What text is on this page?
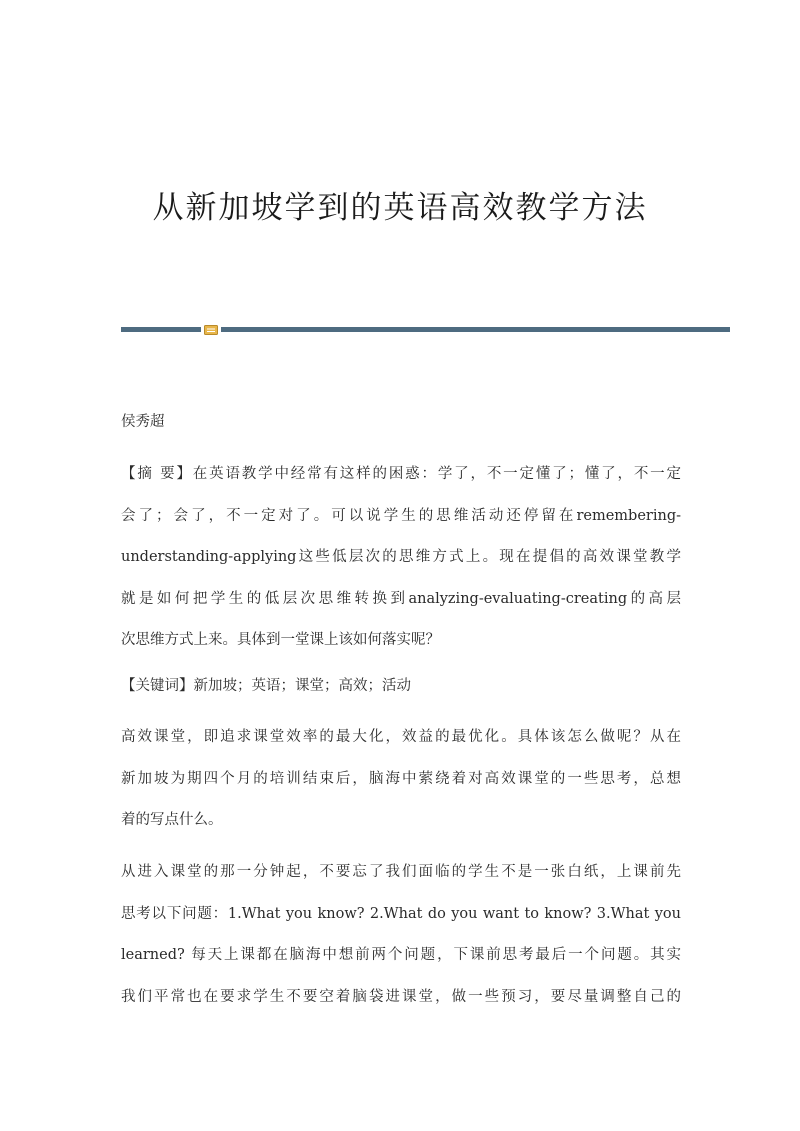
从新加坡学到的英语高效教学方法
侯秀超
【摘 要】在英语教学中经常有这样的困惑：学了，不一定懂了；懂了，不一定
会了；会了，不一定对了。可以说学生的思维活动还停留在remembering-
understanding-applying这些低层次的思维方式上。现在提倡的高效课堂教学
就是如何把学生的低层次思维转换到analyzing-evaluating-creating的高层
次思维方式上来。具体到一堂课上该如何落实呢？
【关键词】新加坡；英语；课堂；高效；活动
高效课堂，即追求课堂效率的最大化，效益的最优化。具体该怎么做呢？从在
新加坡为期四个月的培训结束后，脑海中萦绕着对高效课堂的一些思考，总想
着的写点什么。
从进入课堂的那一分钟起，不要忘了我们面临的学生不是一张白纸，上课前先
思考以下问题：1.What you know? 2.What do you want to know? 3.What you
learned? 每天上课都在脑海中想前两个问题，下课前思考最后一个问题。其实
我们平常也在要求学生不要空着脑袋进课堂，做一些预习，要尽量调整自己的
